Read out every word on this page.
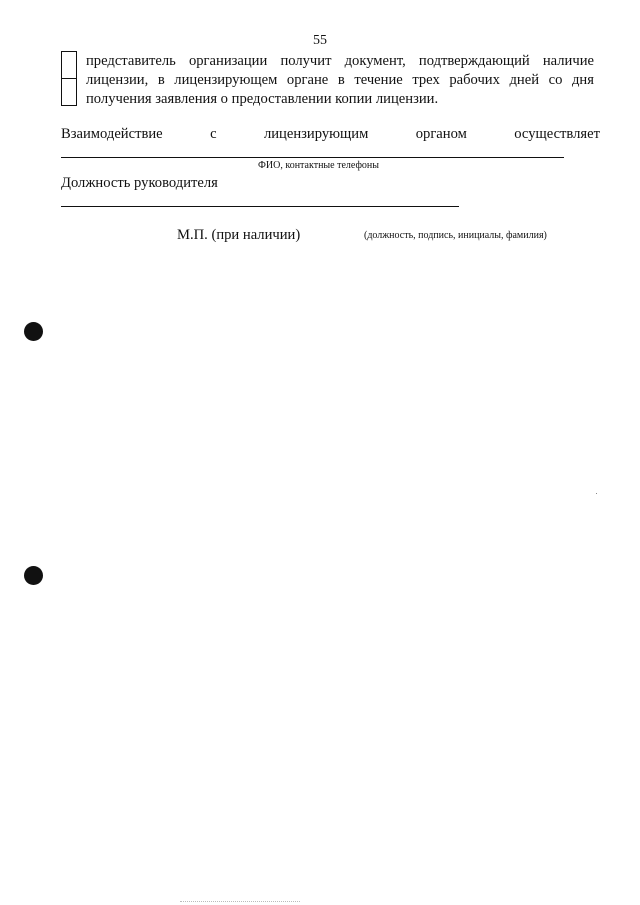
55
представитель организации получит документ, подтверждающий наличие
лицензии, в лицензирующем органе в течение трех рабочих дней со дня
получения заявления о предоставлении копии лицензии.
Взаимодействие	с	лицензирующим	органом	осуществляет
ФИО, контактные телефоны
Должность руководителя
М.П. (при наличии)	(должность, подпись, инициалы, фамилия)
